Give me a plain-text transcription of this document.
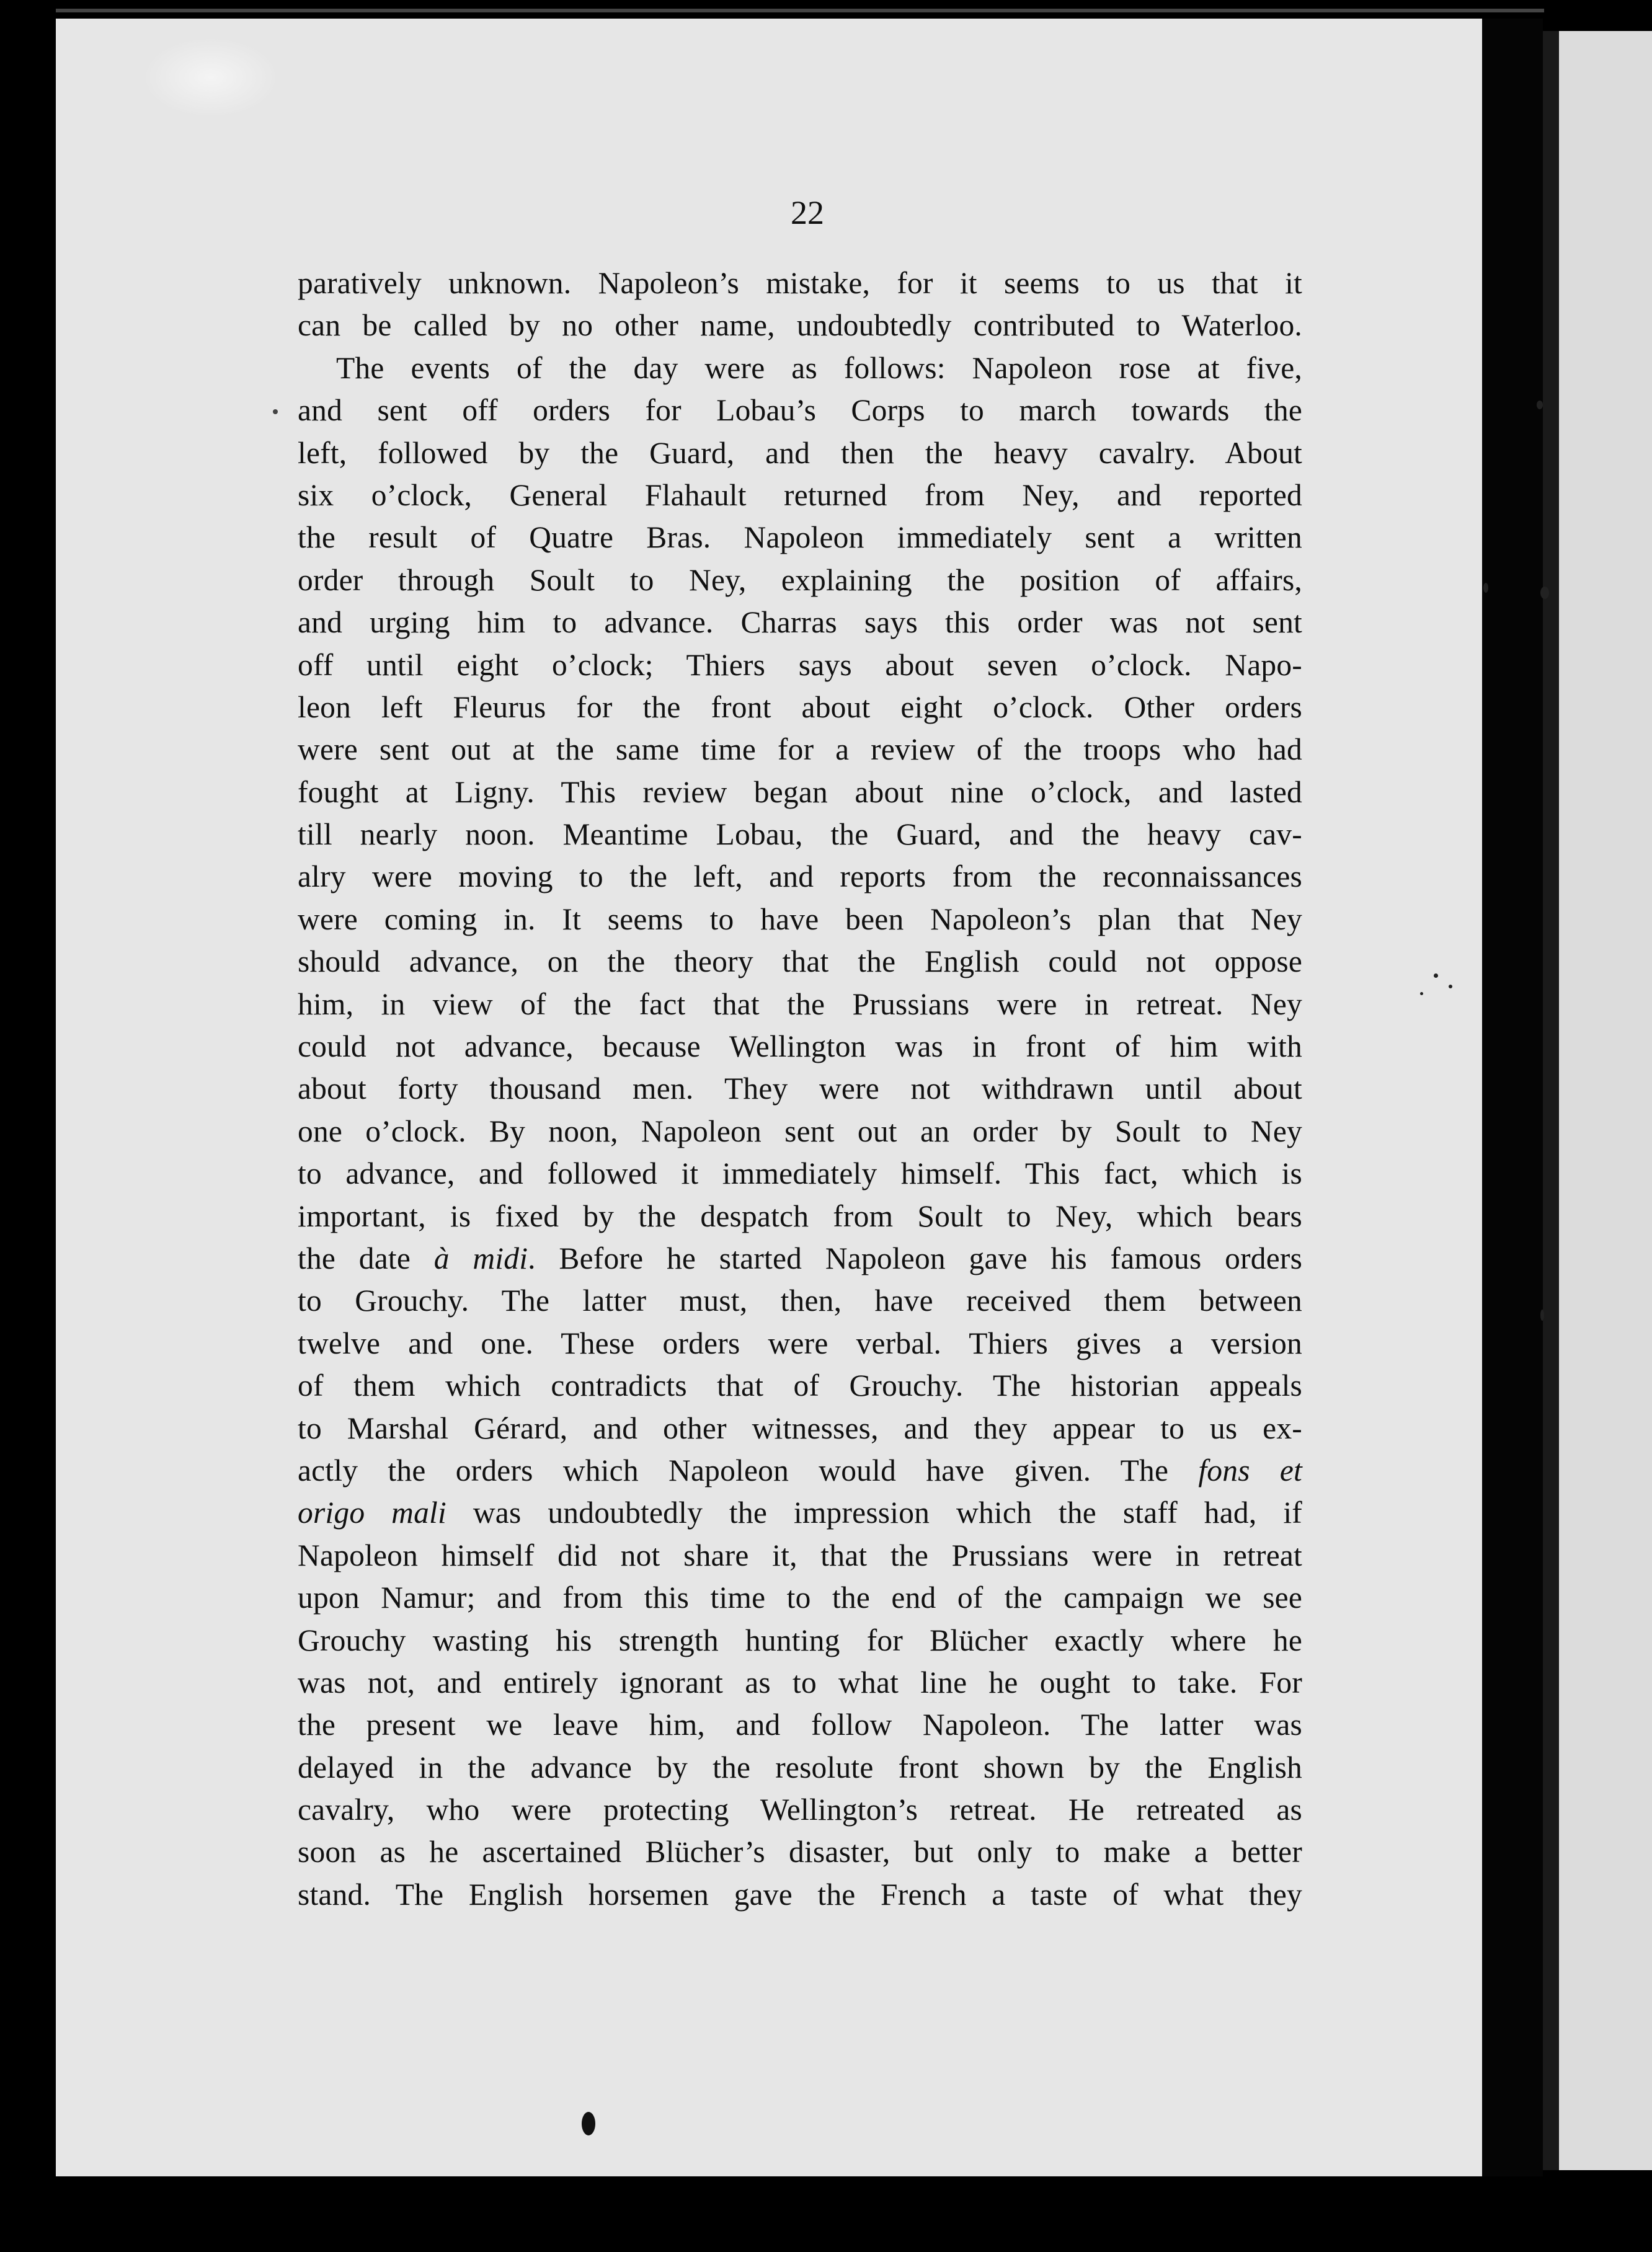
22
paratively unknown. Napoleon’s mistake, for it seems to us that it
can be called by no other name, undoubtedly contributed to Waterloo.
The events of the day were as follows: Napoleon rose at five,
and sent off orders for Lobau’s Corps to march towards the
left, followed by the Guard, and then the heavy cavalry. About
six o’clock, General Flahault returned from Ney, and reported
the result of Quatre Bras. Napoleon immediately sent a written
order through Soult to Ney, explaining the position of affairs,
and urging him to advance. Charras says this order was not sent
off until eight o’clock; Thiers says about seven o’clock. Napo-
leon left Fleurus for the front about eight o’clock. Other orders
were sent out at the same time for a review of the troops who had
fought at Ligny. This review began about nine o’clock, and lasted
till nearly noon. Meantime Lobau, the Guard, and the heavy cav-
alry were moving to the left, and reports from the reconnaissances
were coming in. It seems to have been Napoleon’s plan that Ney
should advance, on the theory that the English could not oppose
him, in view of the fact that the Prussians were in retreat. Ney
could not advance, because Wellington was in front of him with
about forty thousand men. They were not withdrawn until about
one o’clock. By noon, Napoleon sent out an order by Soult to Ney
to advance, and followed it immediately himself. This fact, which is
important, is fixed by the despatch from Soult to Ney, which bears
the date à midi. Before he started Napoleon gave his famous orders
to Grouchy. The latter must, then, have received them between
twelve and one. These orders were verbal. Thiers gives a version
of them which contradicts that of Grouchy. The historian appeals
to Marshal Gérard, and other witnesses, and they appear to us ex-
actly the orders which Napoleon would have given. The fons et
origo mali was undoubtedly the impression which the staff had, if
Napoleon himself did not share it, that the Prussians were in retreat
upon Namur; and from this time to the end of the campaign we see
Grouchy wasting his strength hunting for Blücher exactly where he
was not, and entirely ignorant as to what line he ought to take. For
the present we leave him, and follow Napoleon. The latter was
delayed in the advance by the resolute front shown by the English
cavalry, who were protecting Wellington’s retreat. He retreated as
soon as he ascertained Blücher’s disaster, but only to make a better
stand. The English horsemen gave the French a taste of what they
